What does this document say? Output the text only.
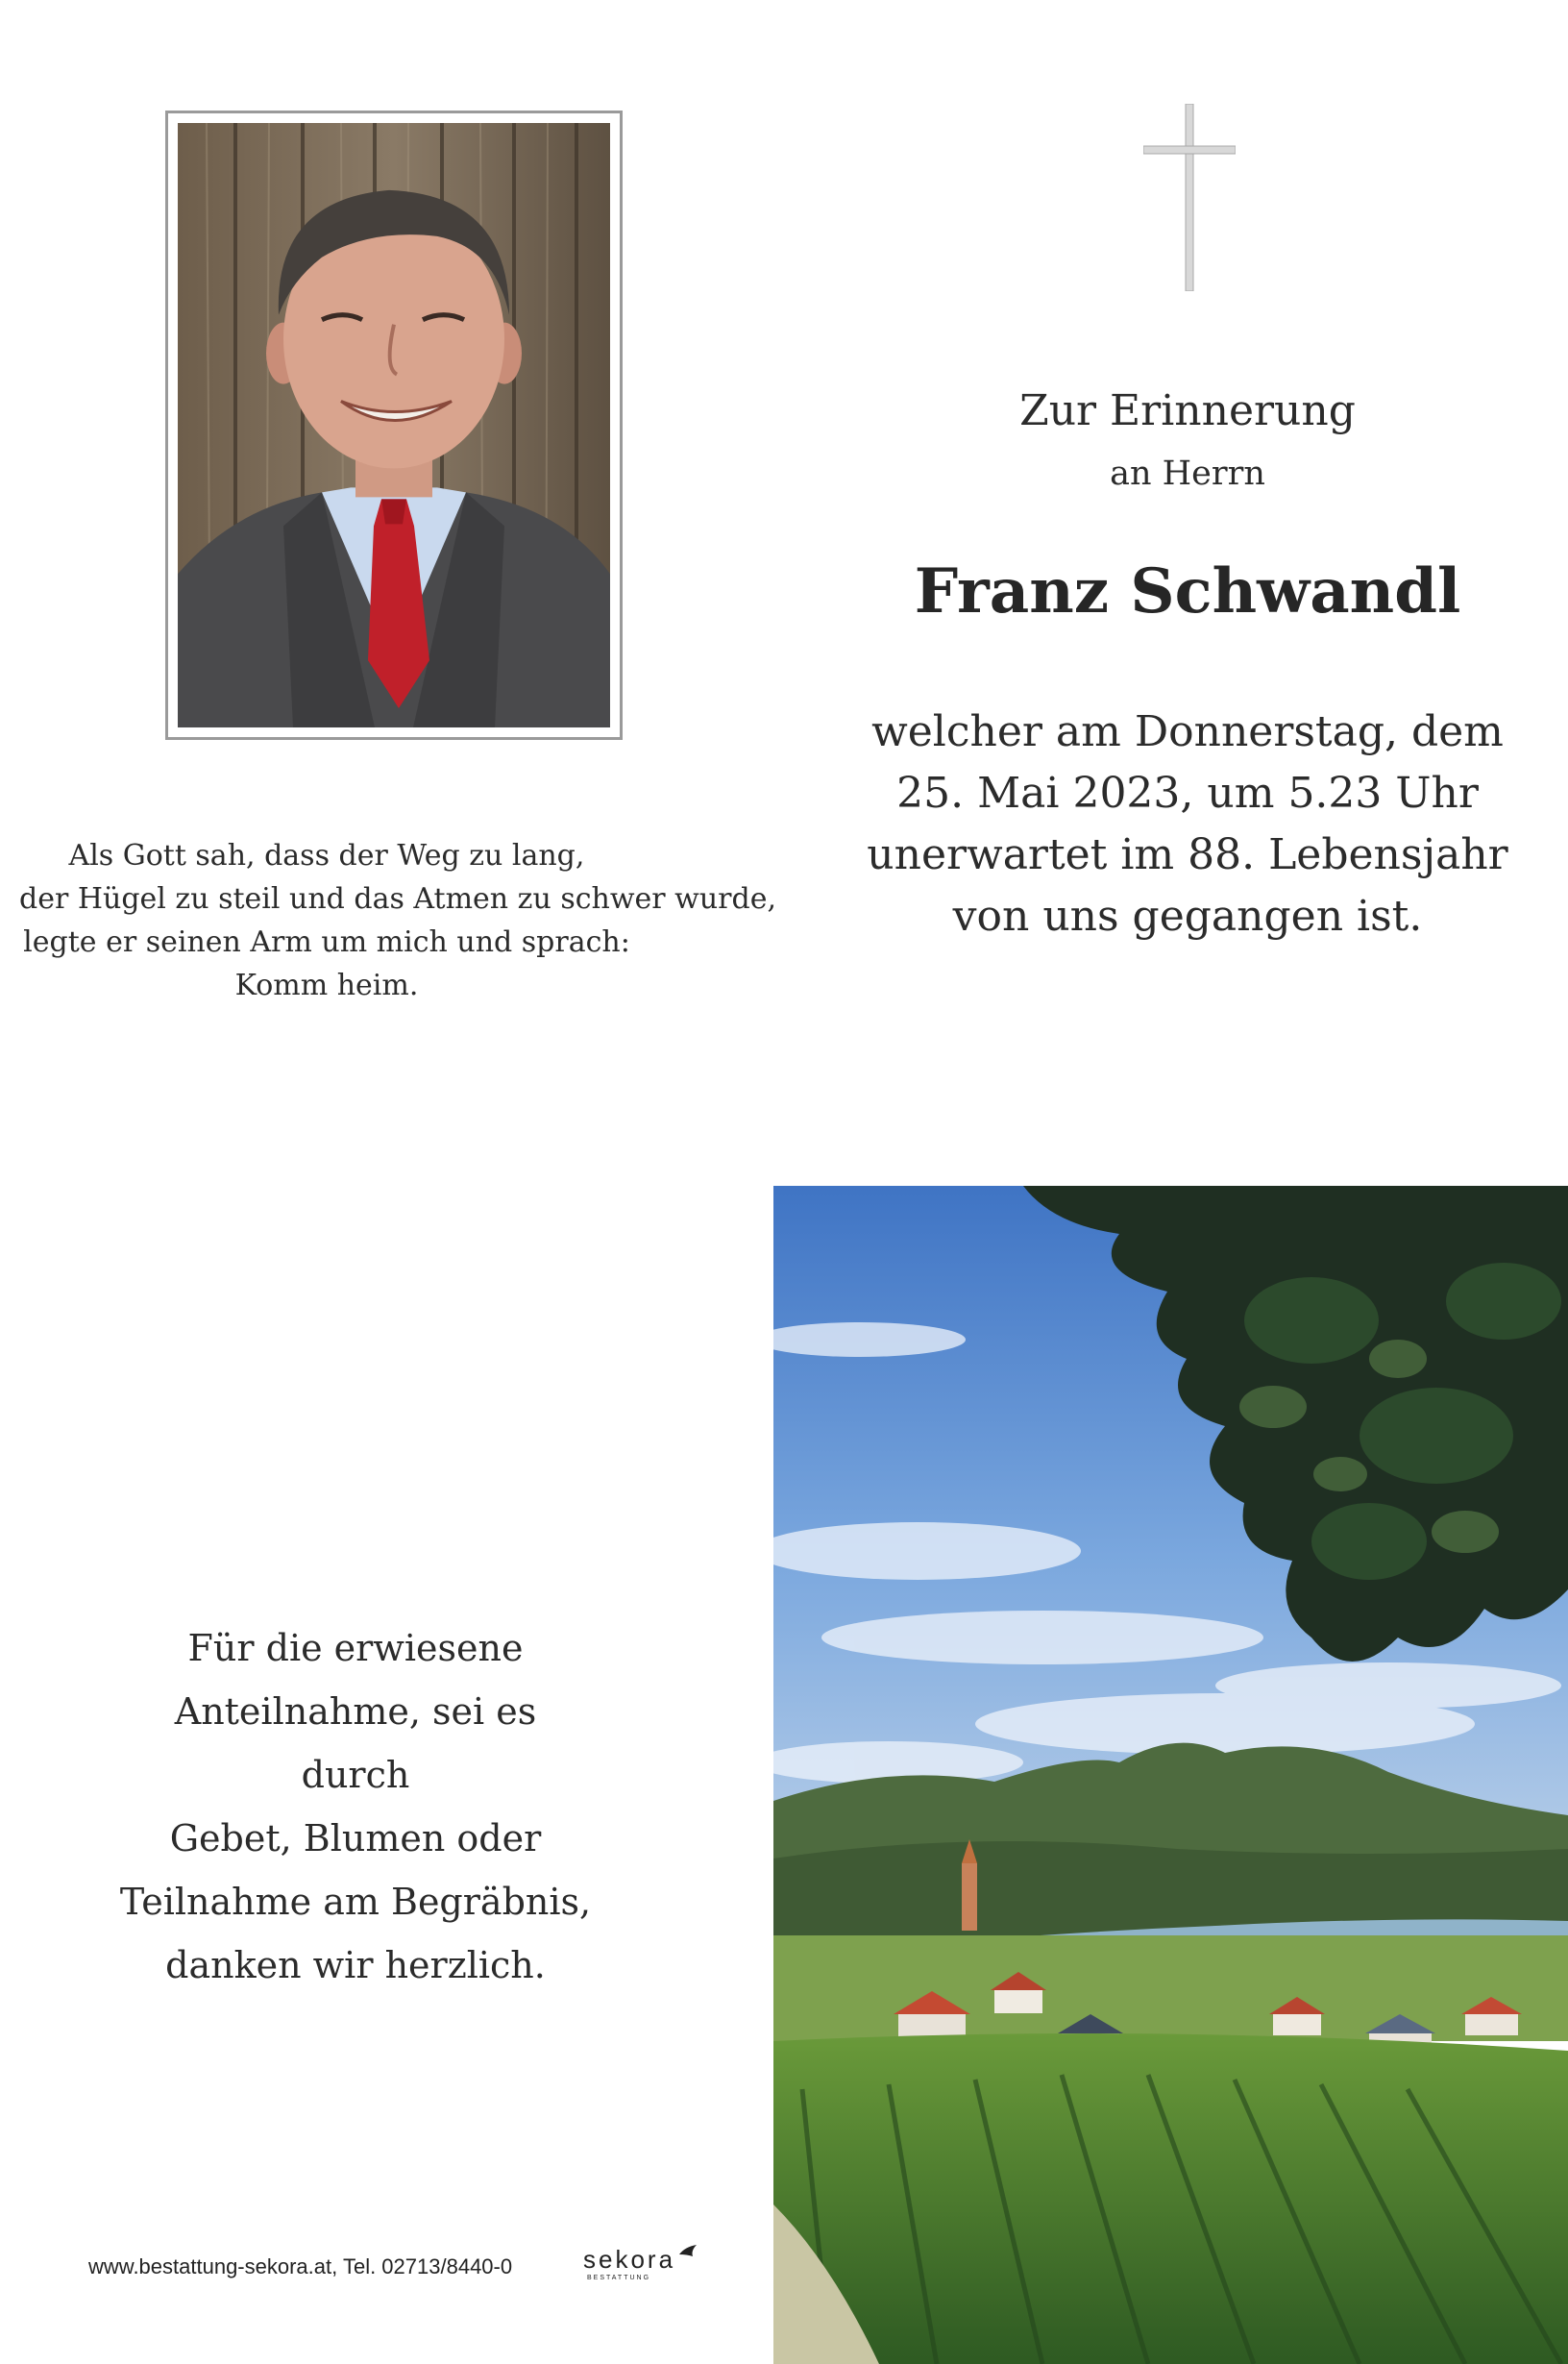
Zur Erinnerung
an Herrn
Franz Schwandl
welcher am Donnerstag, dem
25. Mai 2023, um 5.23 Uhr
unerwartet im 88. Lebensjahr
von uns gegangen ist.
Als Gott sah, dass der Weg zu lang,
der Hügel zu steil und das Atmen zu schwer wurde,
legte er seinen Arm um mich und sprach:
Komm heim.
Für die erwiesene
Anteilnahme, sei es durch
Gebet, Blumen oder
Teilnahme am Begräbnis,
danken wir herzlich.
www.bestattung-sekora.at, Tel. 02713/8440-0	sekora
BESTATTUNG
